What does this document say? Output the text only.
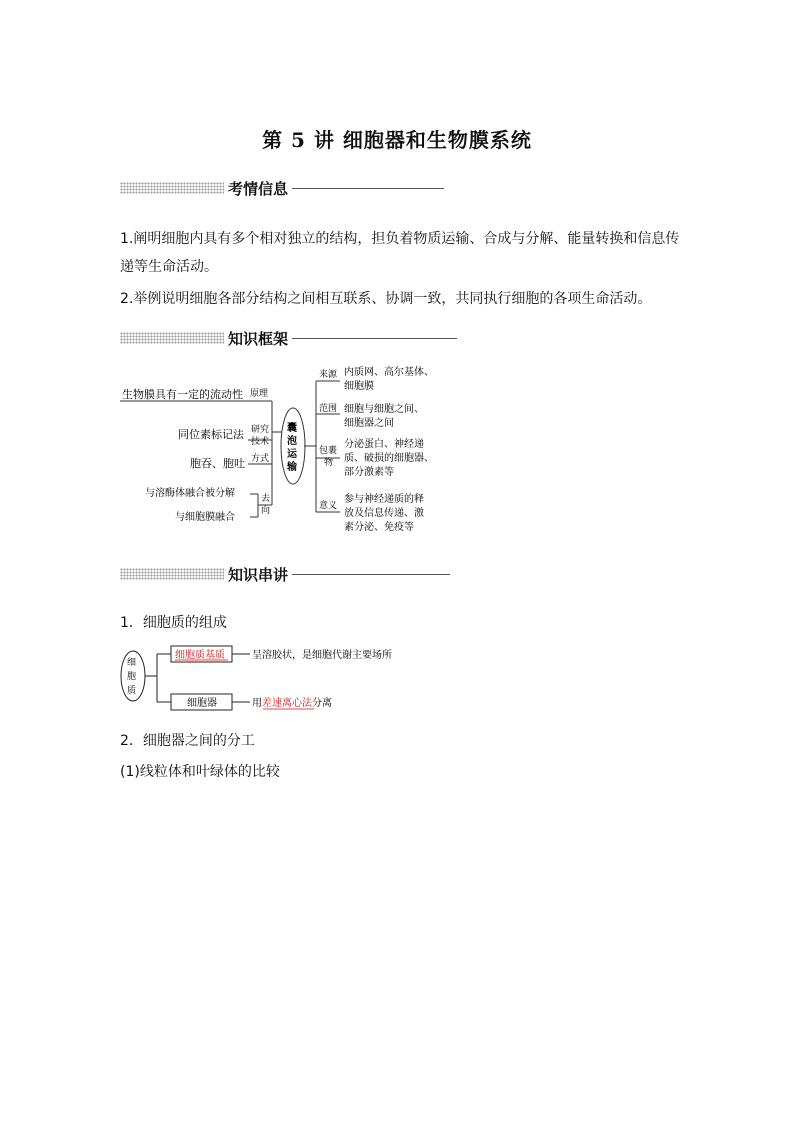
第 5 讲 细胞器和生物膜系统
考情信息
1.阐明细胞内具有多个相对独立的结构，担负着物质运输、合成与分解、能量转换和信息传递等生命活动。
2.举例说明细胞各部分结构之间相互联系、协调一致，共同执行细胞的各项生命活动。
知识框架
生物膜具有一定的流动性 原理
同位素标记法 研究
技术
胞吞、胞吐 方式
与溶酶体融合被分解
与细胞膜融合
去
向
囊
泡
运
输
来源
范围
包裹
物
意义
内质网、高尔基体、
细胞膜
细胞与细胞之间、
细胞器之间
分泌蛋白、神经递
质、破损的细胞器、
部分激素等
参与神经递质的释
放及信息传递、激
素分泌、免疫等
知识串讲
1．细胞质的组成
细
胞
质
细胞质基质
细胞器
呈溶胶状，是细胞代谢主要场所
用差速离心法分离
2．细胞器之间的分工
(1)线粒体和叶绿体的比较
